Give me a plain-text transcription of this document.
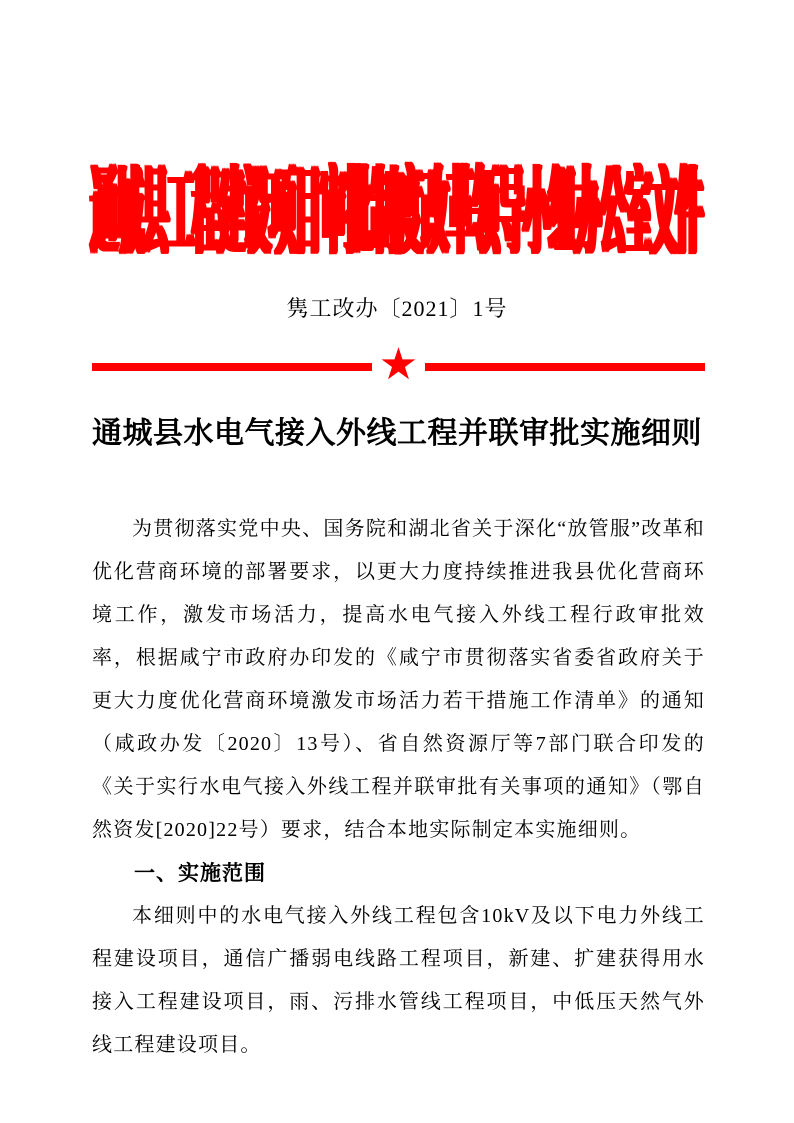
通城县工程建设项目审批制度改革领导小组办公室文件
隽工改办〔2021〕1号
★
通城县水电气接入外线工程并联审批实施细则

为贯彻落实党中央、国务院和湖北省关于深化“放管服”改革和优化营商环境的部署要求，以更大力度持续推进我县优化营商环境工作，激发市场活力，提高水电气接入外线工程行政审批效率，根据咸宁市政府办印发的《咸宁市贯彻落实省委省政府关于更大力度优化营商环境激发市场活力若干措施工作清单》的通知（咸政办发〔2020〕13号）、省自然资源厅等7部门联合印发的《关于实行水电气接入外线工程并联审批有关事项的通知》（鄂自然资发[2020]22号）要求，结合本地实际制定本实施细则。

一、实施范围

本细则中的水电气接入外线工程包含10kV及以下电力外线工程建设项目，通信广播弱电线路工程项目，新建、扩建获得用水接入工程建设项目，雨、污排水管线工程项目，中低压天然气外线工程建设项目。
